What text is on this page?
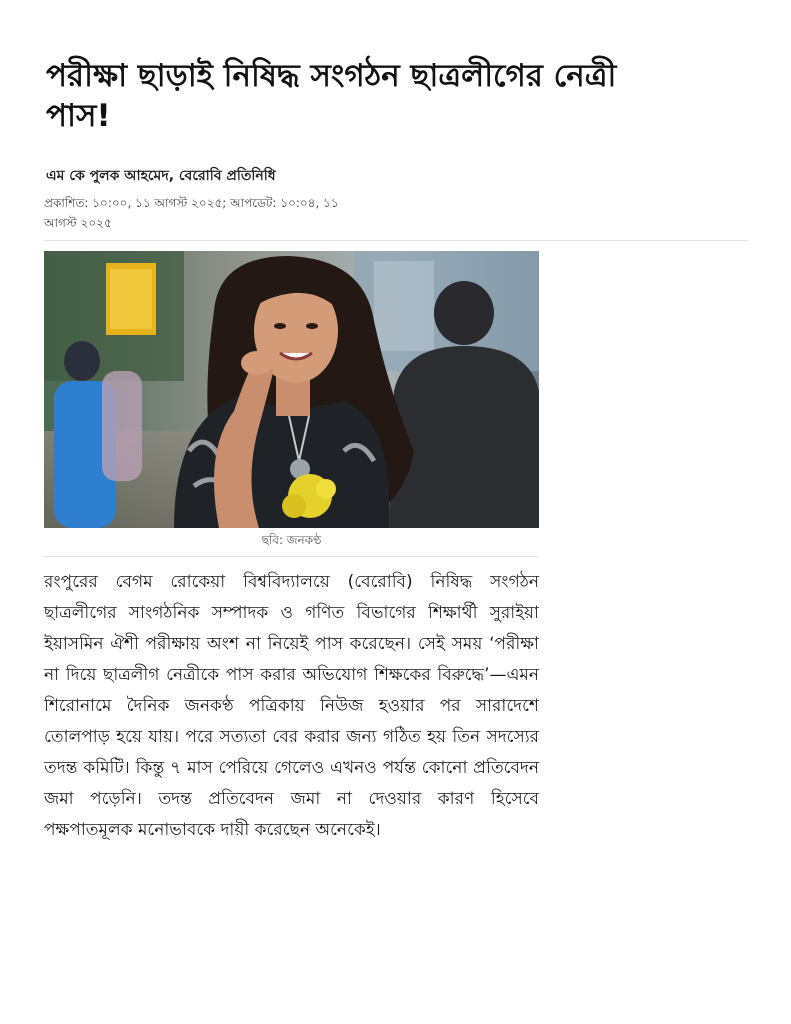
পরীক্ষা ছাড়াই নিষিদ্ধ সংগঠন ছাত্রলীগের নেত্রী পাস!
এম কে পুলক আহমেদ, বেরোবি প্রতিনিধি
প্রকাশিত: ১০:০০, ১১ আগস্ট ২০২৫; আপডেট: ১০:০৪, ১১ আগস্ট ২০২৫
ছবি: জনকণ্ঠ

রংপুরের বেগম রোকেয়া বিশ্ববিদ্যালয়ে (বেরোবি) নিষিদ্ধ সংগঠন ছাত্রলীগের সাংগঠনিক সম্পাদক ও গণিত বিভাগের শিক্ষার্থী সুরাইয়া ইয়াসমিন ঐশী পরীক্ষায় অংশ না নিয়েই পাস করেছেন। সেই সময় ‘পরীক্ষা না দিয়ে ছাত্রলীগ নেত্রীকে পাস করার অভিযোগ শিক্ষকের বিরুদ্ধে’—এমন শিরোনামে দৈনিক জনকণ্ঠ পত্রিকায় নিউজ হওয়ার পর সারাদেশে তোলপাড় হয়ে যায়। পরে সত্যতা বের করার জন্য গঠিত হয় তিন সদস্যের তদন্ত কমিটি। কিন্তু ৭ মাস পেরিয়ে গেলেও এখনও পর্যন্ত কোনো প্রতিবেদন জমা পড়েনি। তদন্ত প্রতিবেদন জমা না দেওয়ার কারণ হিসেবে পক্ষপাতমূলক মনোভাবকে দায়ী করেছেন অনেকেই।
